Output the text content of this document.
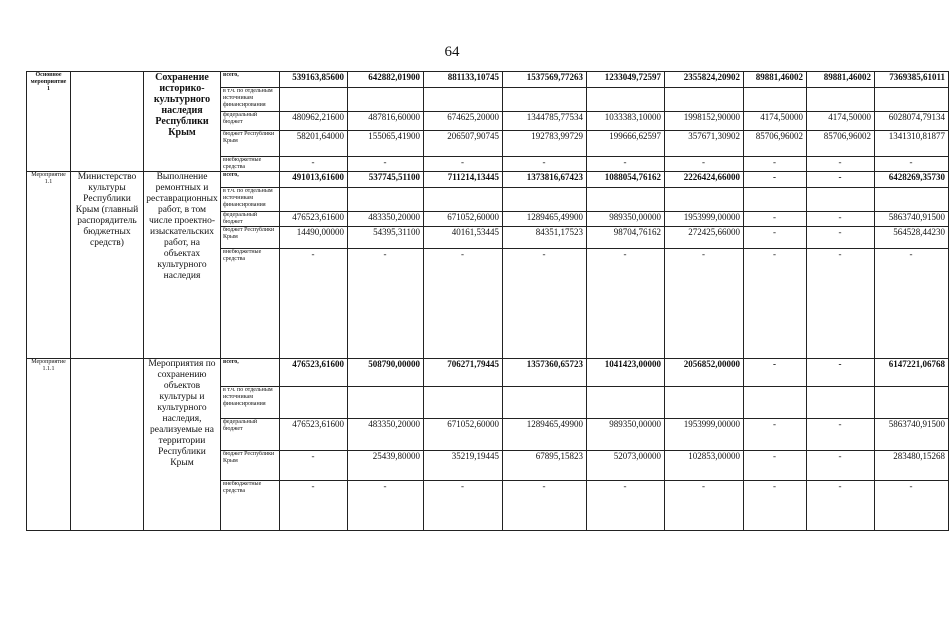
64
Основное мероприятие 1		Сохранение историко-культурного наследия Республики Крым	всего,	539163,85600	642882,01900	881133,10745	1537569,77263	1233049,72597	2355824,20902	89881,46002	89881,46002	7369385,61011
			в т.ч. по отдельным источникам финансирования									
			федеральный бюджет	480962,21600	487816,60000	674625,20000	1344785,77534	1033383,10000	1998152,90000	4174,50000	4174,50000	6028074,79134
			бюджет Республики Крым	58201,64000	155065,41900	206507,90745	192783,99729	199666,62597	357671,30902	85706,96002	85706,96002	1341310,81877
			внебюджетные средства	-	-	-	-	-	-	-	-	-
Мероприятие 1.1	Министерство культуры Республики Крым (главный распорядитель бюджетных средств)	Выполнение ремонтных и реставрационных работ, в том числе проектно-изыскательских работ, на объектах культурного наследия	всего,	491013,61600	537745,51100	711214,13445	1373816,67423	1088054,76162	2226424,66000	-	-	6428269,35730
			в т.ч. по отдельным источникам финансирования									
			федеральный бюджет	476523,61600	483350,20000	671052,60000	1289465,49900	989350,00000	1953999,00000	-	-	5863740,91500
			бюджет Республики Крым	14490,00000	54395,31100	40161,53445	84351,17523	98704,76162	272425,66000	-	-	564528,44230
			внебюджетные средства	-	-	-	-	-	-	-	-	-
Мероприятие 1.1.1		Мероприятия по сохранению объектов культуры и культурного наследия, реализуемые на территории Республики Крым	всего,	476523,61600	508790,00000	706271,79445	1357360,65723	1041423,00000	2056852,00000	-	-	6147221,06768
			в т.ч. по отдельным источникам финансирования									
			федеральный бюджет	476523,61600	483350,20000	671052,60000	1289465,49900	989350,00000	1953999,00000	-	-	5863740,91500
			бюджет Республики Крым	-	25439,80000	35219,19445	67895,15823	52073,00000	102853,00000	-	-	283480,15268
			внебюджетные средства	-	-	-	-	-	-	-	-	-
